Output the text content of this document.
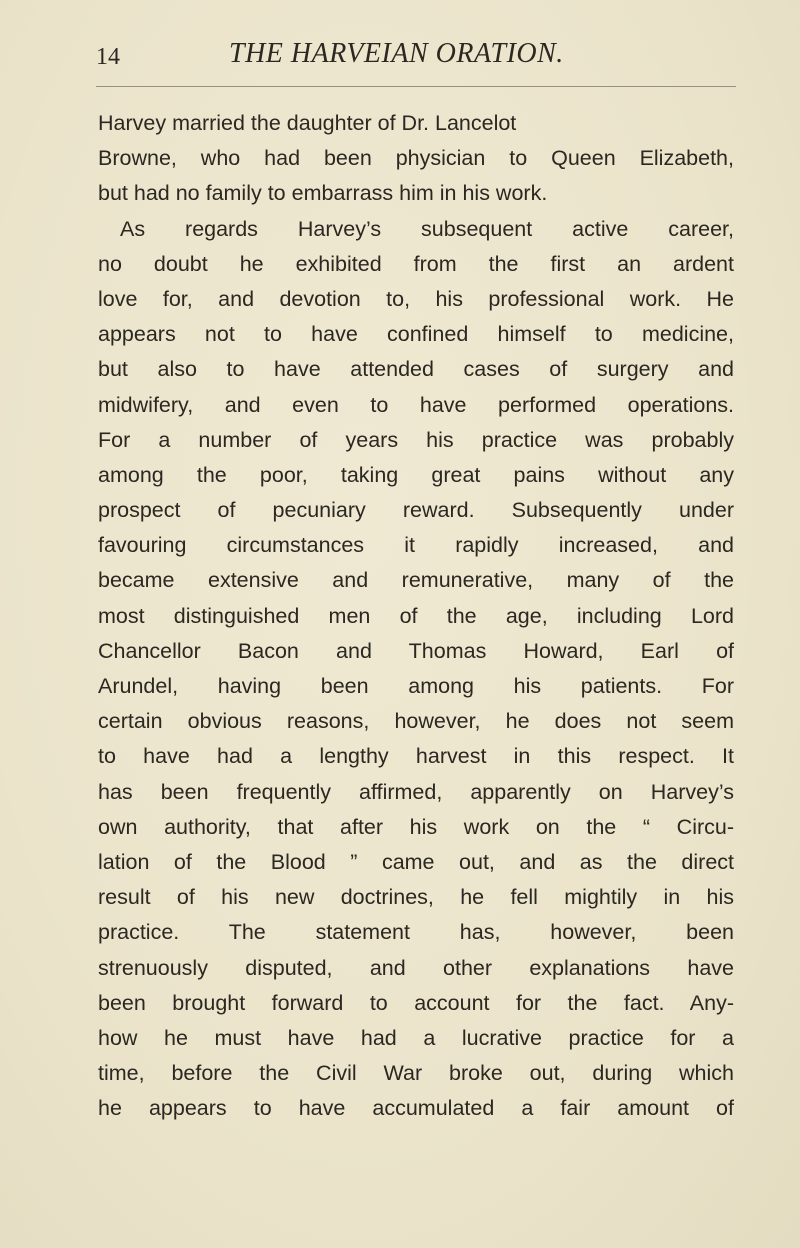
14	THE HARVEIAN ORATION.
Harvey married the daughter of Dr. Lancelot
Browne, who had been physician to Queen Elizabeth,
but had no family to embarrass him in his work.
As regards Harvey’s subsequent active career,
no doubt he exhibited from the first an ardent
love for, and devotion to, his professional work. He
appears not to have confined himself to medicine,
but also to have attended cases of surgery and
midwifery, and even to have performed operations.
For a number of years his practice was probably
among the poor, taking great pains without any
prospect of pecuniary reward. Subsequently under
favouring circumstances it rapidly increased, and
became extensive and remunerative, many of the
most distinguished men of the age, including Lord
Chancellor Bacon and Thomas Howard, Earl of
Arundel, having been among his patients. For
certain obvious reasons, however, he does not seem
to have had a lengthy harvest in this respect. It
has been frequently affirmed, apparently on Harvey’s
own authority, that after his work on the “ Circu-
lation of the Blood ” came out, and as the direct
result of his new doctrines, he fell mightily in his
practice. The statement has, however, been
strenuously disputed, and other explanations have
been brought forward to account for the fact. Any-
how he must have had a lucrative practice for a
time, before the Civil War broke out, during which
he appears to have accumulated a fair amount of
